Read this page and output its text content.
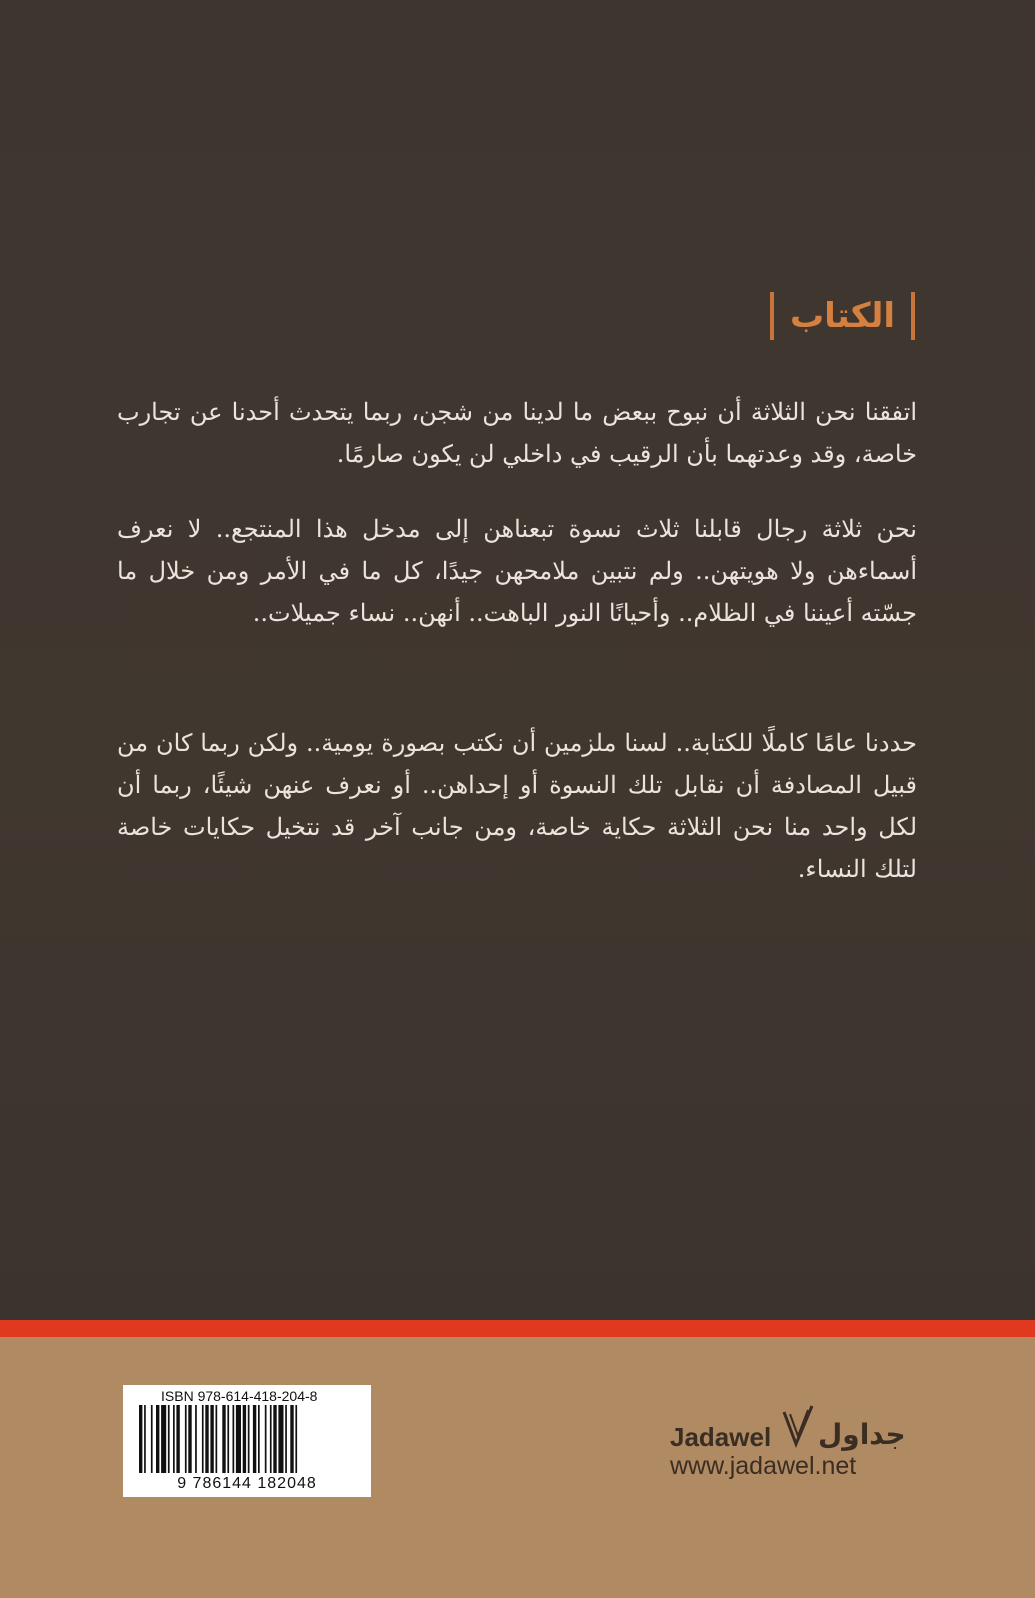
الكتاب
اتفقنا نحن الثلاثة أن نبوح ببعض ما لدينا من شجن، ربما يتحدث أحدنا عن تجارب خاصة، وقد وعدتهما بأن الرقيب في داخلي لن يكون صارمًا.
نحن ثلاثة رجال قابلنا ثلاث نسوة تبعناهن إلى مدخل هذا المنتجع.. لا نعرف أسماءهن ولا هويتهن.. ولم نتبين ملامحهن جيدًا، كل ما في الأمر ومن خلال ما جسّته أعيننا في الظلام.. وأحيانًا النور الباهت.. أنهن.. نساء جميلات..
حددنا عامًا كاملًا للكتابة.. لسنا ملزمين أن نكتب بصورة يومية.. ولكن ربما كان من قبيل المصادفة أن نقابل تلك النسوة أو إحداهن.. أو نعرف عنهن شيئًا، ربما أن لكل واحد منا نحن الثلاثة حكاية خاصة، ومن جانب آخر قد نتخيل حكايات خاصة لتلك النساء.
ISBN 978-614-418-204-8
9 786144 182048
Jadawel جداول
www.jadawel.net
